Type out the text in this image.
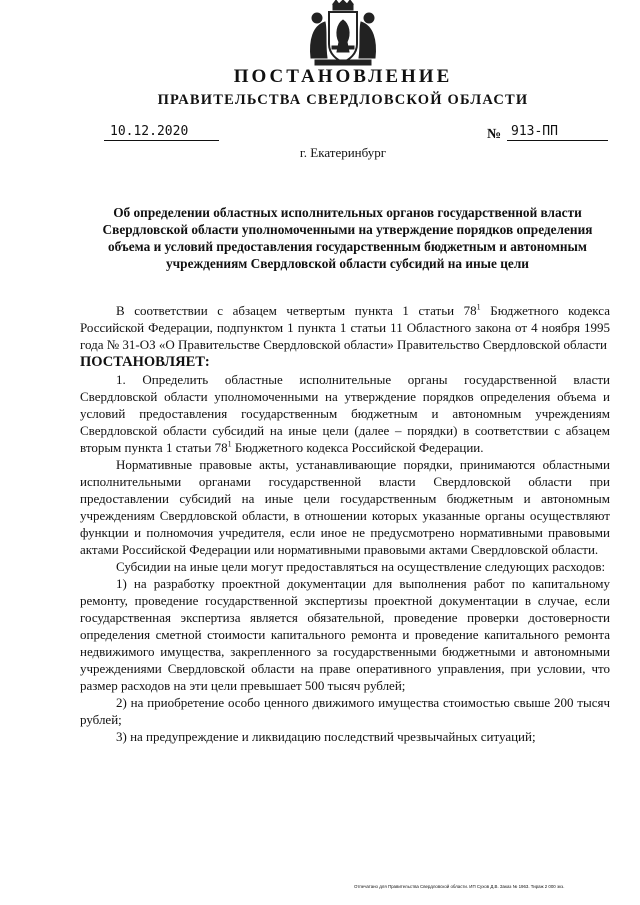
ПОСТАНОВЛЕНИЕ
ПРАВИТЕЛЬСТВА СВЕРДЛОВСКОЙ ОБЛАСТИ
10.12.2020	№ 913-ПП
г. Екатеринбург
Об определении областных исполнительных органов государственной власти Свердловской области уполномоченными на утверждение порядков определения объема и условий предоставления государственным бюджетным и автономным учреждениям Свердловской области субсидий на иные цели

В соответствии с абзацем четвертым пункта 1 статьи $78^1$ Бюджетного кодекса Российской Федерации, подпунктом 1 пункта 1 статьи 11 Областного закона от 4 ноября 1995 года № 31-ОЗ «О Правительстве Свердловской области» Правительство Свердловской области

ПОСТАНОВЛЯЕТ:

1. Определить областные исполнительные органы государственной власти Свердловской области уполномоченными на утверждение порядков определения объема и условий предоставления государственным бюджетным и автономным учреждениям Свердловской области субсидий на иные цели (далее – порядки) в соответствии с абзацем вторым пункта 1 статьи $78^1$ Бюджетного кодекса Российской Федерации.

Нормативные правовые акты, устанавливающие порядки, принимаются областными исполнительными органами государственной власти Свердловской области при предоставлении субсидий на иные цели государственным бюджетным и автономным учреждениям Свердловской области, в отношении которых указанные органы осуществляют функции и полномочия учредителя, если иное не предусмотрено нормативными правовыми актами Российской Федерации или нормативными правовыми актами Свердловской области.

Субсидии на иные цели могут предоставляться на осуществление следующих расходов:

1) на разработку проектной документации для выполнения работ по капитальному ремонту, проведение государственной экспертизы проектной документации в случае, если государственная экспертиза является обязательной, проведение проверки достоверности определения сметной стоимости капитального ремонта и проведение капитального ремонта недвижимого имущества, закрепленного за государственными бюджетными и автономными учреждениями Свердловской области на праве оперативного управления, при условии, что размер расходов на эти цели превышает 500 тысяч рублей;

2) на приобретение особо ценного движимого имущества стоимостью свыше 200 тысяч рублей;

3) на предупреждение и ликвидацию последствий чрезвычайных ситуаций;

Отпечатано для Правительства Свердловской области. ИП Сухов Д.В. Заказ № 1963. Тираж 2 000 экз.
